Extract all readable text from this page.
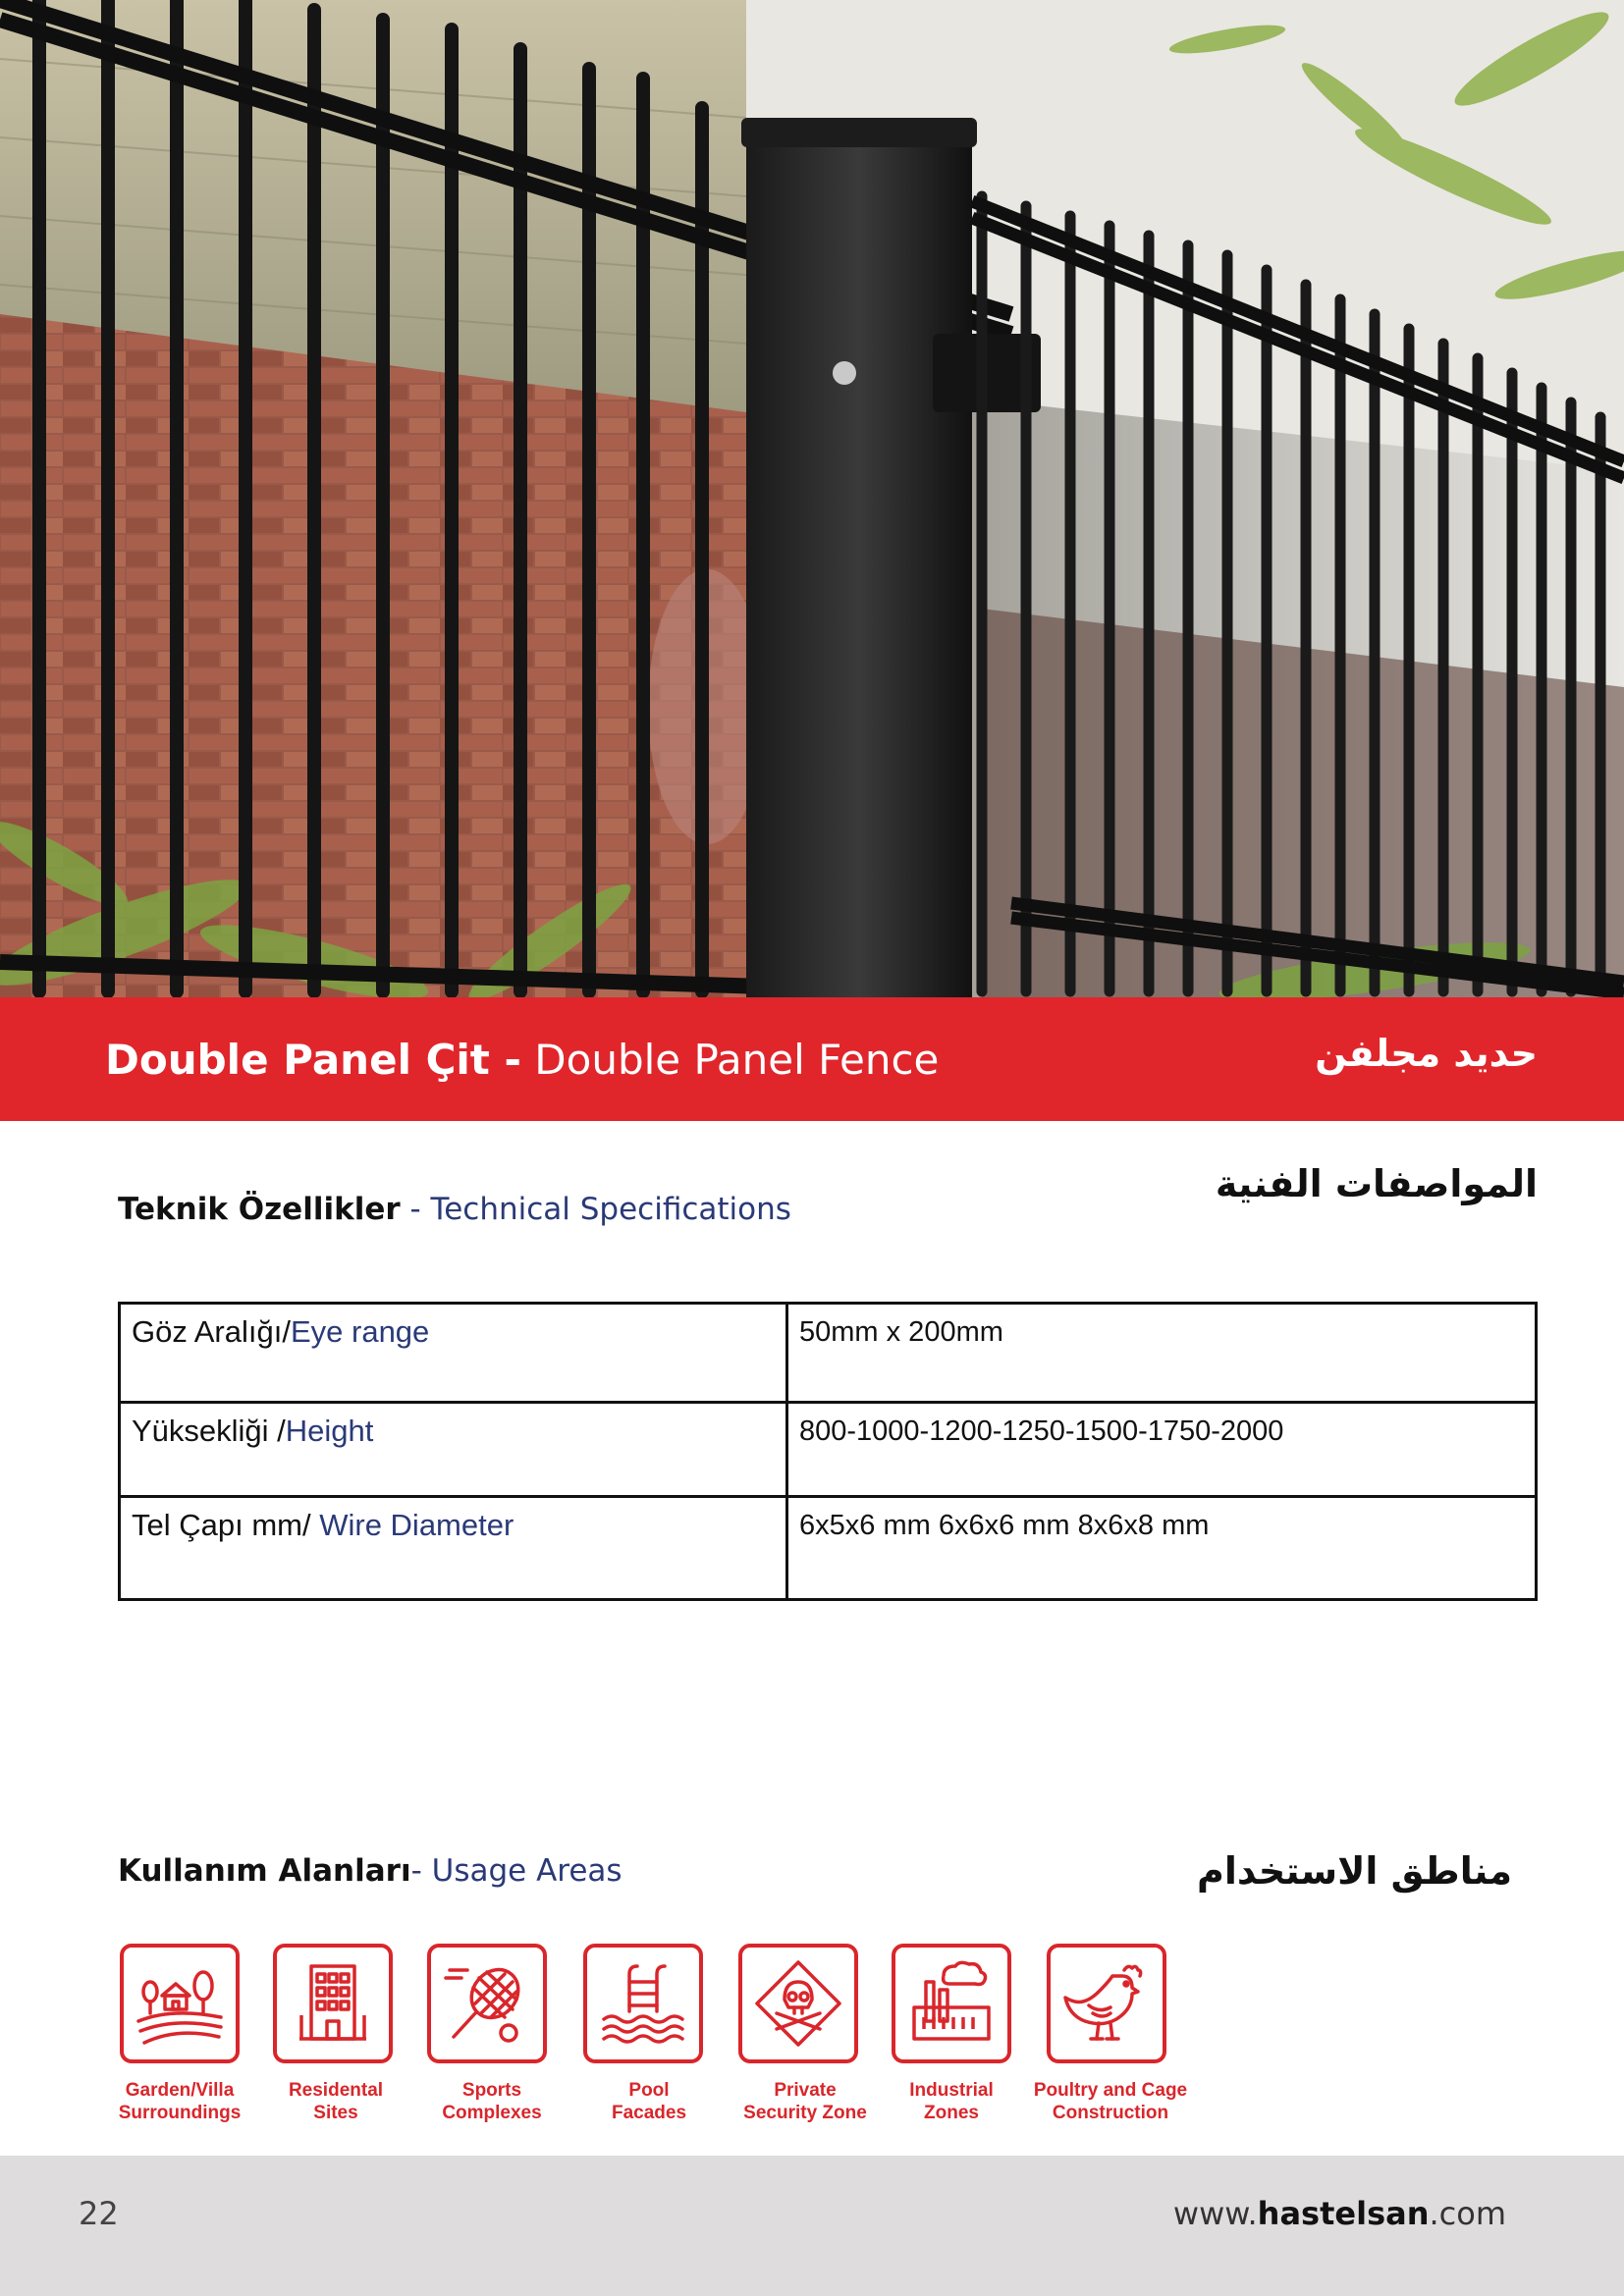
Double Panel Çit - Double Panel Fence	حديد مجلفن
Teknik Özellikler - Technical Specifications
المواصفات الفنية
Göz Aralığı/Eye range	50mm x 200mm
Yüksekliği /Height	800-1000-1200-1250-1500-1750-2000
Tel Çapı mm/ Wire Diameter	6x5x6 mm 6x6x6 mm 8x6x8 mm
Kullanım Alanları- Usage Areas	مناطق الاستخدام
Garden/Villa
Surroundings
Residental
Sites
Sports
Complexes
Pool
Facades
Private
Security Zone
Industrial
Zones
Poultry and Cage
Construction
22	www.hastelsan.com
